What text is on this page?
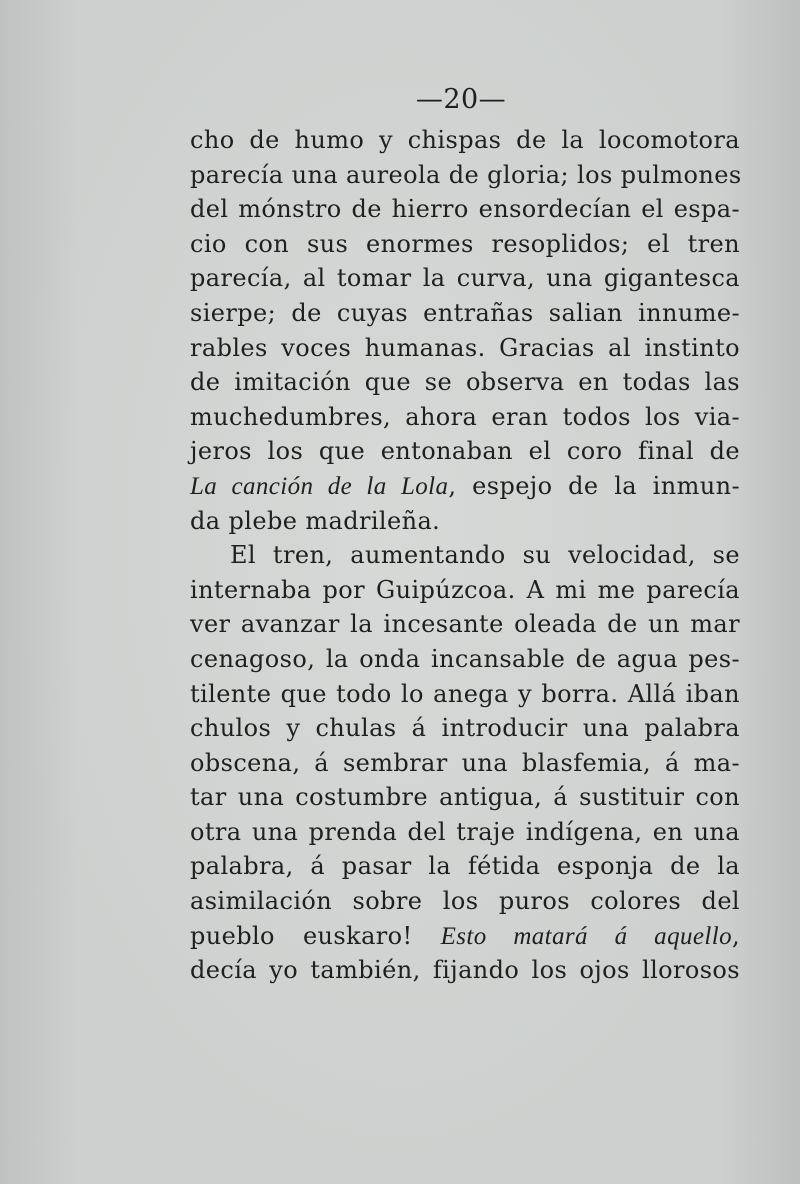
—20—
cho de humo y chispas de la locomotora
parecía una aureola de gloria; los pulmones
del mónstro de hierro ensordecían el espa-
cio con sus enormes resoplidos; el tren
parecía, al tomar la curva, una gigantesca
sierpe; de cuyas entrañas salian innume-
rables voces humanas. Gracias al instinto
de imitación que se observa en todas las
muchedumbres, ahora eran todos los via-
jeros los que entonaban el coro final de
La canción de la Lola, espejo de la inmun-
da plebe madrileña.
El tren, aumentando su velocidad, se
internaba por Guipúzcoa. A mi me parecía
ver avanzar la incesante oleada de un mar
cenagoso, la onda incansable de agua pes-
tilente que todo lo anega y borra. Allá iban
chulos y chulas á introducir una palabra
obscena, á sembrar una blasfemia, á ma-
tar una costumbre antigua, á sustituir con
otra una prenda del traje indígena, en una
palabra, á pasar la fétida esponja de la
asimilación sobre los puros colores del
pueblo euskaro! Esto matará á aquello,
decía yo también, fijando los ojos llorosos
